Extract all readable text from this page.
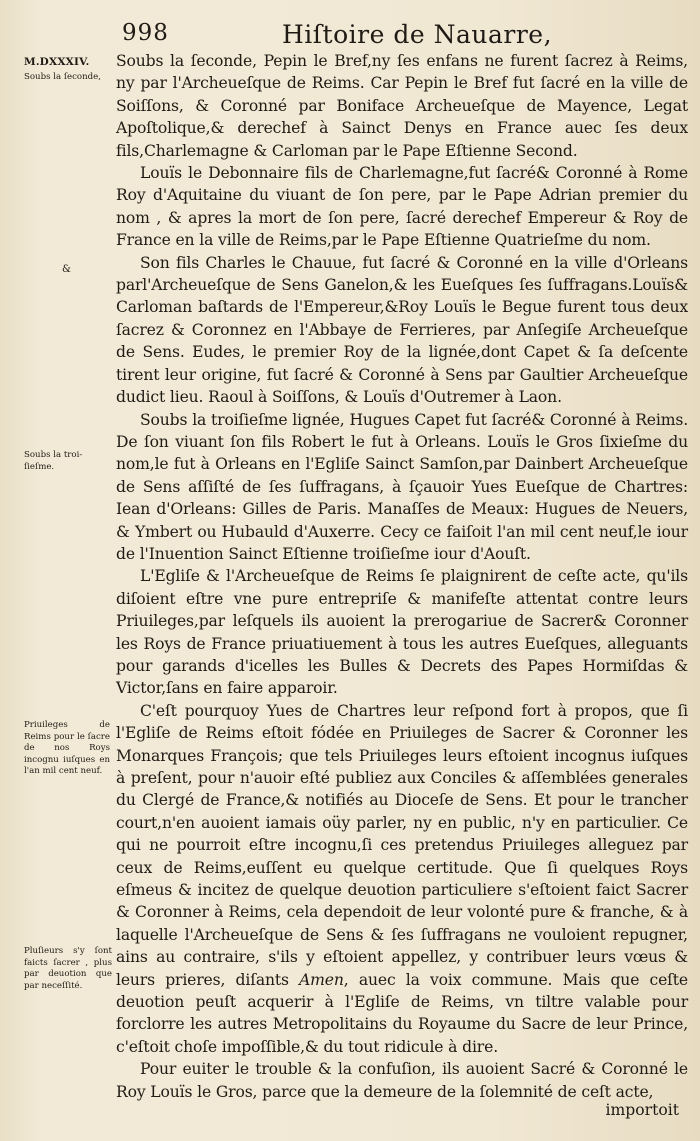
998	Hiſtoire de Nauarre,
M.DXXXIV.
Soubs la ſeconde,
&
Soubs la troi-ſieſme.
Priuileges de Reims pour le ſacre de nos Roys incognu iuſques en l'an mil cent neuf.
Pluſieurs s'y ſont faicts ſacrer , plus par deuotion que par neceſſité.

Soubs la ſeconde, Pepin le Bref,ny ſes enfans ne furent ſacrez à Reims, ny par l'Archeueſque de Reims. Car Pepin le Bref fut ſacré en la ville de Soiſſons, & Coronné par Boniface Archeueſque de Mayence, Legat Apoſtolique,& derechef à Sainct Denys en France auec ſes deux fils,Charlemagne & Carloman par le Pape Eſtienne Second.

Louïs le Debonnaire fils de Charlemagne,fut ſacré& Coronné à Rome Roy d'Aquitaine du viuant de ſon pere, par le Pape Adrian premier du nom , & apres la mort de ſon pere, ſacré derechef Empereur & Roy de France en la ville de Reims,par le Pape Eſtienne Quatrieſme du nom.

Son fils Charles le Chauue, fut ſacré & Coronné en la ville d'Orleans parl'Archeueſque de Sens Ganelon,& les Eueſques ſes ſuffragans.Louïs& Carloman baſtards de l'Empereur,&Roy Louïs le Begue furent tous deux ſacrez & Coronnez en l'Abbaye de Ferrieres, par Anſegiſe Archeueſque de Sens. Eudes, le premier Roy de la lignée,dont Capet & ſa deſcente tirent leur origine, fut ſacré & Coronné à Sens par Gaultier Archeueſque dudict lieu. Raoul à Soiſſons, & Louïs d'Outremer à Laon.

Soubs la troiſieſme lignée, Hugues Capet fut ſacré& Coronné à Reims. De ſon viuant ſon fils Robert le fut à Orleans. Louïs le Gros ſixieſme du nom,le fut à Orleans en l'Egliſe Sainct Samſon,par Dainbert Archeueſque de Sens aſſiſté de ſes ſuffragans, à ſçauoir Yues Eueſque de Chartres: Iean d'Orleans: Gilles de Paris. Manaſſes de Meaux: Hugues de Neuers, & Ymbert ou Hubauld d'Auxerre. Cecy ce faiſoit l'an mil cent neuf,le iour de l'Inuention Sainct Eſtienne troiſieſme iour d'Aouſt.

L'Egliſe & l'Archeueſque de Reims ſe plaignirent de ceſte acte, qu'ils diſoient eſtre vne pure entrepriſe & manifeſte attentat contre leurs Priuileges,par leſquels ils auoient la prerogariue de Sacrer& Coronner les Roys de France priuatiuement à tous les autres Eueſques, alleguants pour garands d'icelles les Bulles & Decrets des Papes Hormiſdas & Victor,ſans en faire apparoir.

C'eſt pourquoy Yues de Chartres leur reſpond fort à propos, que ſi l'Egliſe de Reims eſtoit fódée en Priuileges de Sacrer & Coronner les Monarques François; que tels Priuileges leurs eſtoient incognus iuſques à preſent, pour n'auoir eſté publiez aux Conciles & aſſemblées generales du Clergé de France,& notifiés au Dioceſe de Sens. Et pour le trancher court,n'en auoient iamais oüy parler, ny en public, n'y en particulier. Ce qui ne pourroit eſtre incognu,ſi ces pretendus Priuileges alleguez par ceux de Reims,euſſent eu quelque certitude. Que ſi quelques Roys eſmeus & incitez de quelque deuotion particuliere s'eſtoient faict Sacrer & Coronner à Reims, cela dependoit de leur volonté pure & franche, & à laquelle l'Archeueſque de Sens & ſes ſuffragans ne vouloient repugner, ains au contraire, s'ils y eſtoient appellez, y contribuer leurs vœus & leurs prieres, diſants Amen, auec la voix commune. Mais que ceſte deuotion peuſt acquerir à l'Egliſe de Reims, vn tiltre valable pour forclorre les autres Metropolitains du Royaume du Sacre de leur Prince, c'eſtoit choſe impoſſible,& du tout ridicule à dire.

Pour euiter le trouble & la confuſion, ils auoient Sacré & Coronné le Roy Louïs le Gros, parce que la demeure de la ſolemnité de ceſt acte,

importoit
